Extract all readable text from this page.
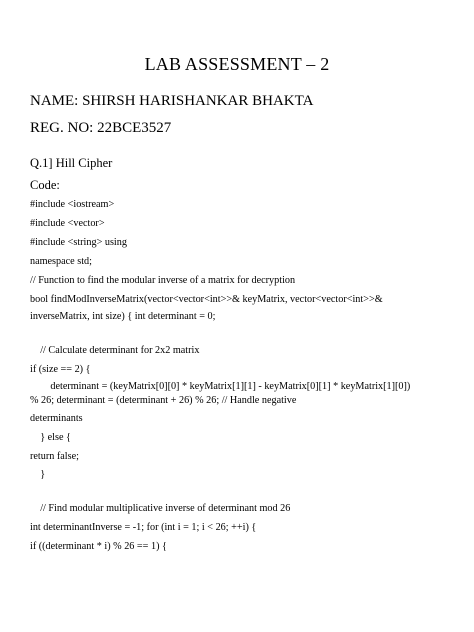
LAB ASSESSMENT – 2
NAME: SHIRSH HARISHANKAR BHAKTA
REG. NO: 22BCE3527
Q.1] Hill Cipher
Code:
#include <iostream>
#include <vector>
#include <string> using
namespace std;
// Function to find the modular inverse of a matrix for decryption
bool findModInverseMatrix(vector<vector<int>>& keyMatrix, vector<vector<int>>&
inverseMatrix, int size) { int determinant = 0;
// Calculate determinant for 2x2 matrix
if (size == 2) {
determinant = (keyMatrix[0][0] * keyMatrix[1][1] - keyMatrix[0][1] * keyMatrix[1][0])
% 26; determinant = (determinant + 26) % 26; // Handle negative
determinants
} else {
return false;
}
// Find modular multiplicative inverse of determinant mod 26
int determinantInverse = -1; for (int i = 1; i < 26; ++i) {
if ((determinant * i) % 26 == 1) {
